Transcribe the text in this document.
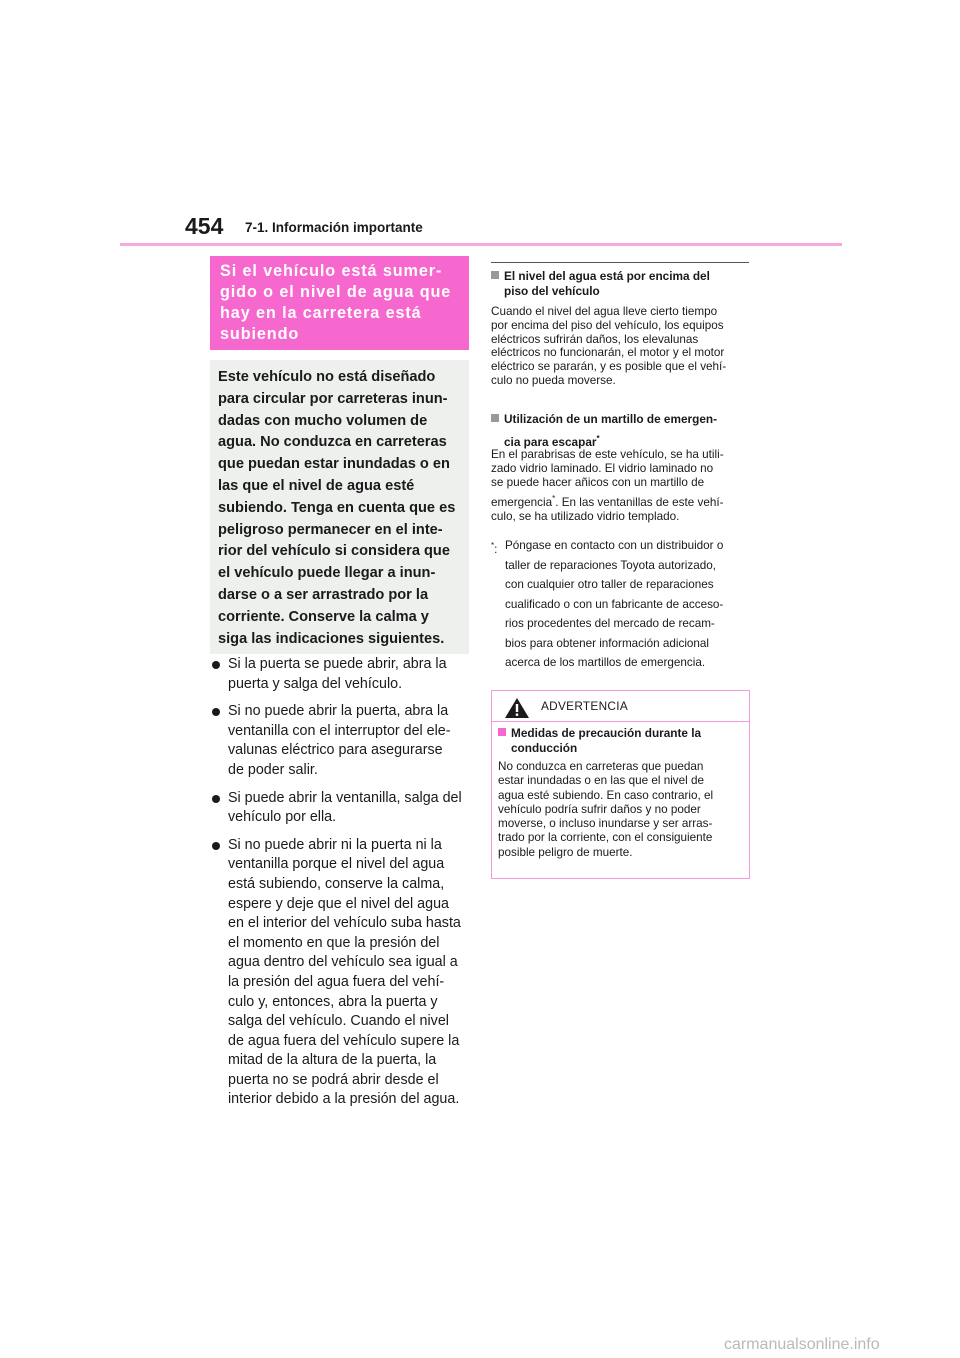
454 7-1. Información importante
Si el vehículo está sumer-
gido o el nivel de agua que
hay en la carretera está
subiendo

Este vehículo no está diseñado

para circular por carreteras inun-

dadas con mucho volumen de

agua. No conduzca en carreteras

que puedan estar inundadas o en

las que el nivel de agua esté

subiendo. Tenga en cuenta que es

peligroso permanecer en el inte-

rior del vehículo si considera que

el vehículo puede llegar a inun-

darse o a ser arrastrado por la

corriente. Conserve la calma y

siga las indicaciones siguientes.

Si la puerta se puede abrir, abra la
puerta y salga del vehículo.
Si no puede abrir la puerta, abra la
ventanilla con el interruptor del ele-
valunas eléctrico para asegurarse
de poder salir.
Si puede abrir la ventanilla, salga del
vehículo por ella.
Si no puede abrir ni la puerta ni la
ventanilla porque el nivel del agua
está subiendo, conserve la calma,
espere y deje que el nivel del agua
en el interior del vehículo suba hasta
el momento en que la presión del
agua dentro del vehículo sea igual a
la presión del agua fuera del vehí-
culo y, entonces, abra la puerta y
salga del vehículo. Cuando el nivel
de agua fuera del vehículo supere la
mitad de la altura de la puerta, la
puerta no se podrá abrir desde el
interior debido a la presión del agua.
El nivel del agua está por encima del
piso del vehículo
Cuando el nivel del agua lleve cierto tiempo
por encima del piso del vehículo, los equipos
eléctricos sufrirán daños, los elevalunas
eléctricos no funcionarán, el motor y el motor
eléctrico se pararán, y es posible que el vehí-
culo no pueda moverse.
Utilización de un martillo de emergen-
cia para escapar*
En el parabrisas de este vehículo, se ha utili-
zado vidrio laminado. El vidrio laminado no
se puede hacer añicos con un martillo de
emergencia*. En las ventanillas de este vehí-
culo, se ha utilizado vidrio templado.
*: Póngase en contacto con un distribuidor o
taller de reparaciones Toyota autorizado,
con cualquier otro taller de reparaciones
cualificado o con un fabricante de acceso-
rios procedentes del mercado de recam-
bios para obtener información adicional
acerca de los martillos de emergencia.
ADVERTENCIA
Medidas de precaución durante la
conducción
No conduzca en carreteras que puedan
estar inundadas o en las que el nivel de
agua esté subiendo. En caso contrario, el
vehículo podría sufrir daños y no poder
moverse, o incluso inundarse y ser arras-
trado por la corriente, con el consiguiente
posible peligro de muerte.
carmanualsonline.info
